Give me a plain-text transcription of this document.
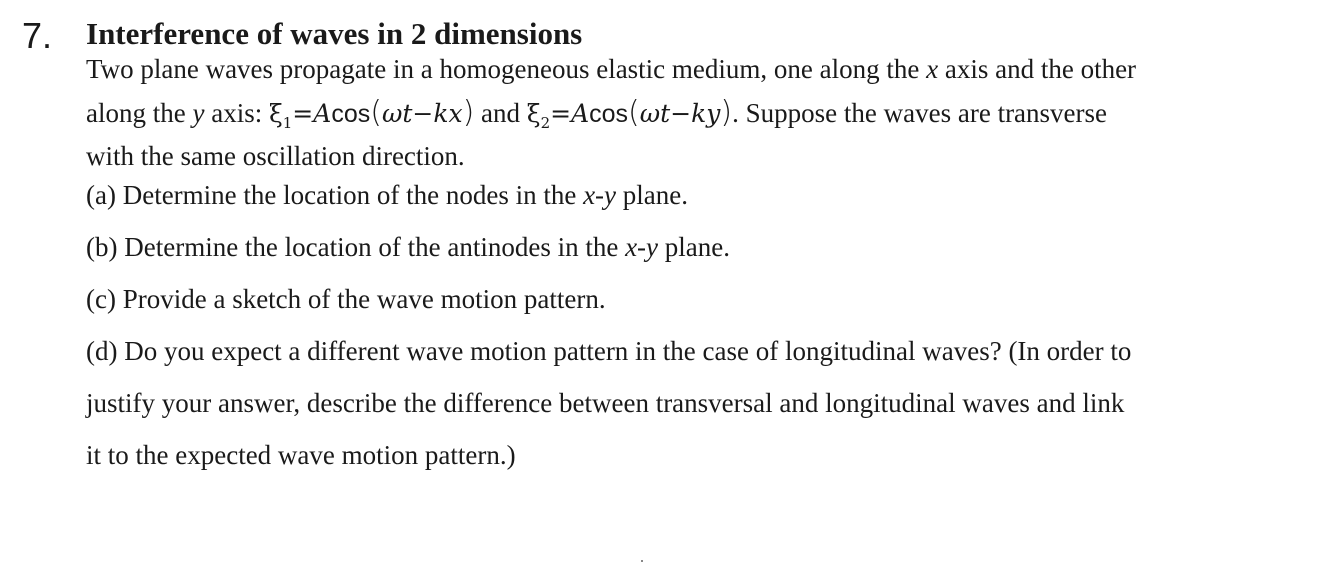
7. Interference of waves in 2 dimensions
Two plane waves propagate in a homogeneous elastic medium, one along the x axis and the other
along the y axis: $\xi_1=Acos(\omega t-kx)$ and $\xi_2=Acos(\omega t-ky)$. Suppose the waves are transverse
with the same oscillation direction.
(a) Determine the location of the nodes in the x-y plane.
(b) Determine the location of the antinodes in the x-y plane.
(c) Provide a sketch of the wave motion pattern.
(d) Do you expect a different wave motion pattern in the case of longitudinal waves? (In order to
justify your answer, describe the difference between transversal and longitudinal waves and link
it to the expected wave motion pattern.)
